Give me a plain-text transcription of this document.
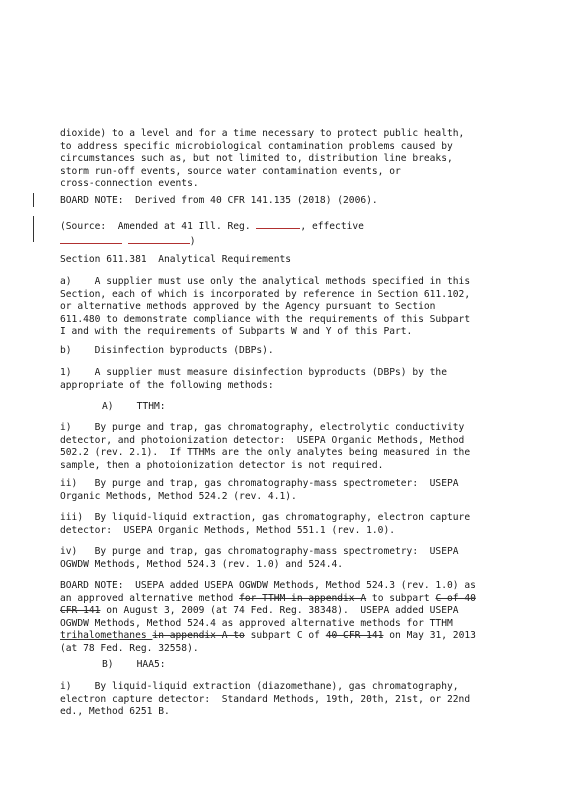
dioxide) to a level and for a time necessary to protect public health,
to address specific microbiological contamination problems caused by
circumstances such as, but not limited to, distribution line breaks,
storm run-off events, source water contamination events, or
cross-connection events.
BOARD NOTE:  Derived from 40 CFR 141.135 (2018) (2006).
(Source:  Amended at 41 Ill. Reg.	, effective
)
Section 611.381  Analytical Requirements
a)    A supplier must use only the analytical methods specified in this
Section, each of which is incorporated by reference in Section 611.102,
or alternative methods approved by the Agency pursuant to Section
611.480 to demonstrate compliance with the requirements of this Subpart
I and with the requirements of Subparts W and Y of this Part.
b)    Disinfection byproducts (DBPs).
1)    A supplier must measure disinfection byproducts (DBPs) by the
appropriate of the following methods:
A)    TTHM:
i)    By purge and trap, gas chromatography, electrolytic conductivity
detector, and photoionization detector:  USEPA Organic Methods, Method
502.2 (rev. 2.1).  If TTHMs are the only analytes being measured in the
sample, then a photoionization detector is not required.
ii)   By purge and trap, gas chromatography-mass spectrometer:  USEPA
Organic Methods, Method 524.2 (rev. 4.1).
iii)  By liquid-liquid extraction, gas chromatography, electron capture
detector:  USEPA Organic Methods, Method 551.1 (rev. 1.0).
iv)   By purge and trap, gas chromatography-mass spectrometry:  USEPA
OGWDW Methods, Method 524.3 (rev. 1.0) and 524.4.
BOARD NOTE:  USEPA added USEPA OGWDW Methods, Method 524.3 (rev. 1.0) as
an approved alternative method for TTHM in appendix A to subpart C of 40
CFR 141 on August 3, 2009 (at 74 Fed. Reg. 38348).  USEPA added USEPA
OGWDW Methods, Method 524.4 as approved alternative methods for TTHM
trihalomethanes in appendix A to subpart C of 40 CFR 141 on May 31, 2013
(at 78 Fed. Reg. 32558).
B)    HAA5:
i)    By liquid-liquid extraction (diazomethane), gas chromatography,
electron capture detector:  Standard Methods, 19th, 20th, 21st, or 22nd
ed., Method 6251 B.
